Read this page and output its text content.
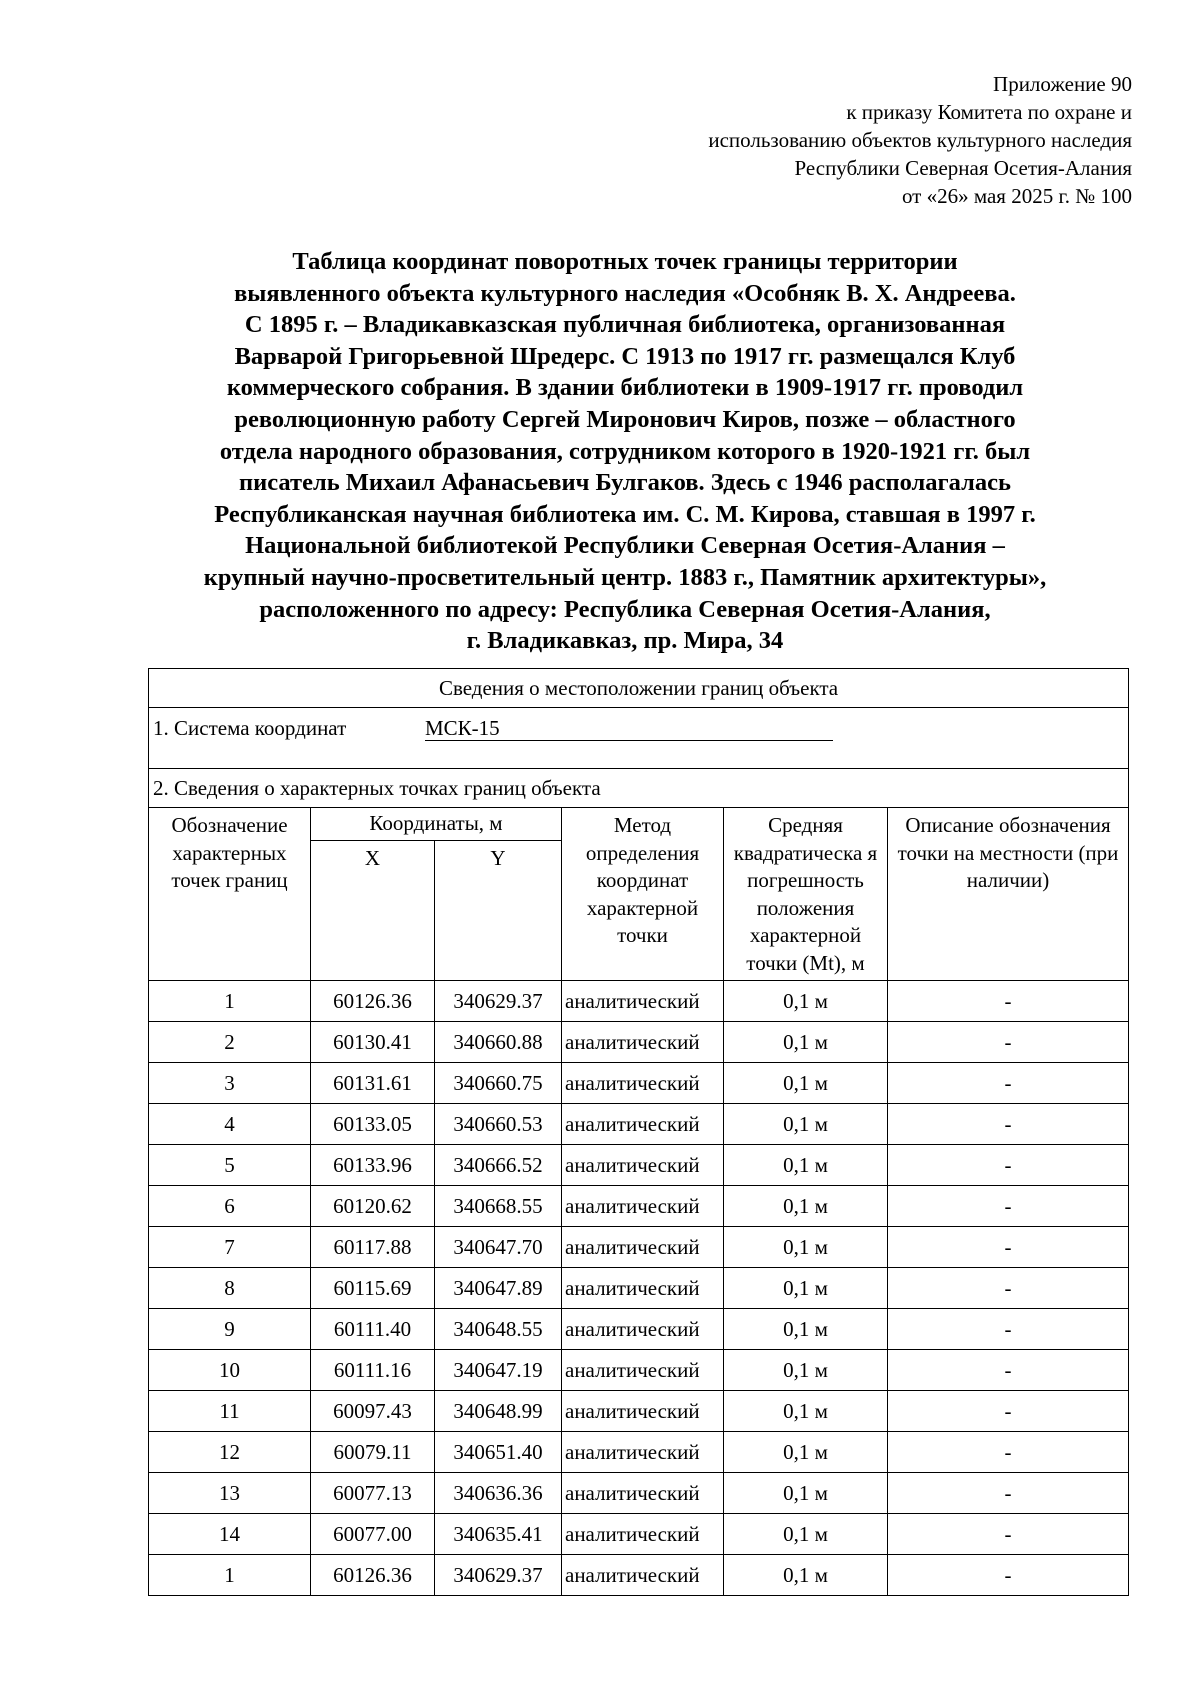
Приложение 90
к приказу Комитета по охране и
использованию объектов культурного наследия
Республики Северная Осетия-Алания
от «26» мая 2025 г. № 100
Таблица координат поворотных точек границы территории
выявленного объекта культурного наследия «Особняк В. Х. Андреева.
С 1895 г. – Владикавказская публичная библиотека, организованная
Варварой Григорьевной Шредерс. С 1913 по 1917 гг. размещался Клуб
коммерческого собрания. В здании библиотеки в 1909-1917 гг. проводил
революционную работу Сергей Миронович Киров, позже – областного
отдела народного образования, сотрудником которого в 1920-1921 гг. был
писатель Михаил Афанасьевич Булгаков. Здесь с 1946 располагалась
Республиканская научная библиотека им. С. М. Кирова, ставшая в 1997 г.
Национальной библиотекой Республики Северная Осетия-Алания –
крупный научно-просветительный центр. 1883 г., Памятник архитектуры»,
расположенного по адресу: Республика Северная Осетия-Алания,
г. Владикавказ, пр. Мира, 34
Сведения о местоположении границ объекта					

1. Система координат МСК-15					

2. Сведения о характерных точках границ объекта					
Обозначение характерных точек границ	Координаты, м		Метод определения координат характерной точки	Средняя квадратическа я погрешность положения характерной точки (Mt), м	Описание обозначения точки на местности (при наличии)
	X	Y			
1	60126.36	340629.37	аналитический	0,1 м	-
2	60130.41	340660.88	аналитический	0,1 м	-
3	60131.61	340660.75	аналитический	0,1 м	-
4	60133.05	340660.53	аналитический	0,1 м	-
5	60133.96	340666.52	аналитический	0,1 м	-
6	60120.62	340668.55	аналитический	0,1 м	-
7	60117.88	340647.70	аналитический	0,1 м	-
8	60115.69	340647.89	аналитический	0,1 м	-
9	60111.40	340648.55	аналитический	0,1 м	-
10	60111.16	340647.19	аналитический	0,1 м	-
11	60097.43	340648.99	аналитический	0,1 м	-
12	60079.11	340651.40	аналитический	0,1 м	-
13	60077.13	340636.36	аналитический	0,1 м	-
14	60077.00	340635.41	аналитический	0,1 м	-
1	60126.36	340629.37	аналитический	0,1 м	-
